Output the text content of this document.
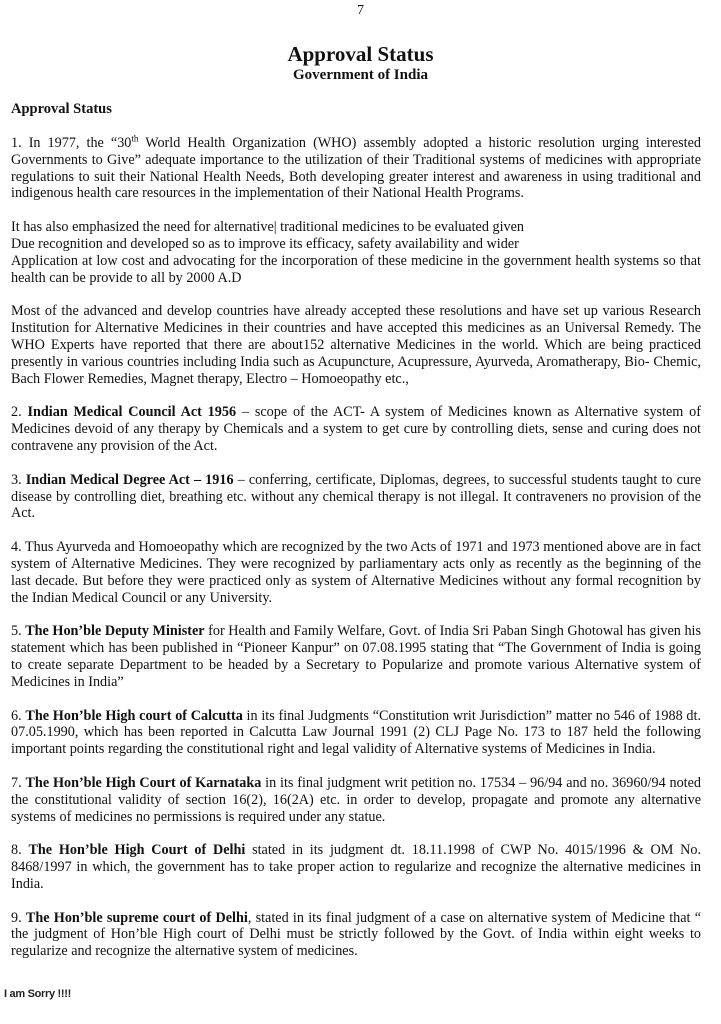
7
Approval Status
Government of India
Approval Status

1. In 1977, the “30th World Health Organization (WHO) assembly adopted a historic resolution urging interested Governments to Give” adequate importance to the utilization of their Traditional systems of medicines with appropriate regulations to suit their National Health Needs, Both developing greater interest and awareness in using traditional and indigenous health care resources in the implementation of their National Health Programs.

It has also emphasized the need for alternative| traditional medicines to be evaluated given

Due recognition and developed so as to improve its efficacy, safety availability and wider

Application at low cost and advocating for the incorporation of these medicine in the government health systems so that health can be provide to all by 2000 A.D

Most of the advanced and develop countries have already accepted these resolutions and have set up various Research Institution for Alternative Medicines in their countries and have accepted this medicines as an Universal Remedy. The WHO Experts have reported that there are about152 alternative Medicines in the world. Which are being practiced presently in various countries including India such as Acupuncture, Acupressure, Ayurveda, Aromatherapy, Bio- Chemic, Bach Flower Remedies, Magnet therapy, Electro – Homoeopathy etc.,

2. Indian Medical Council Act 1956 – scope of the ACT- A system of Medicines known as Alternative system of Medicines devoid of any therapy by Chemicals and a system to get cure by controlling diets, sense and curing does not contravene any provision of the Act.

3. Indian Medical Degree Act – 1916 – conferring, certificate, Diplomas, degrees, to successful students taught to cure disease by controlling diet, breathing etc. without any chemical therapy is not illegal. It contraveners no provision of the Act.

4. Thus Ayurveda and Homoeopathy which are recognized by the two Acts of 1971 and 1973 mentioned above are in fact system of Alternative Medicines. They were recognized by parliamentary acts only as recently as the beginning of the last decade. But before they were practiced only as system of Alternative Medicines without any formal recognition by the Indian Medical Council or any University.

5. The Hon’ble Deputy Minister for Health and Family Welfare, Govt. of India Sri Paban Singh Ghotowal has given his statement which has been published in “Pioneer Kanpur” on 07.08.1995 stating that “The Government of India is going to create separate Department to be headed by a Secretary to Popularize and promote various Alternative system of Medicines in India”

6. The Hon’ble High court of Calcutta in its final Judgments “Constitution writ Jurisdiction” matter no 546 of 1988 dt. 07.05.1990, which has been reported in Calcutta Law Journal 1991 (2) CLJ Page No. 173 to 187 held the following important points regarding the constitutional right and legal validity of Alternative systems of Medicines in India.

7. The Hon’ble High Court of Karnataka in its final judgment writ petition no. 17534 – 96/94 and no. 36960/94 noted the constitutional validity of section 16(2), 16(2A) etc. in order to develop, propagate and promote any alternative systems of medicines no permissions is required under any statue.

8. The Hon’ble High Court of Delhi stated in its judgment dt. 18.11.1998 of CWP No. 4015/1996 & OM No. 8468/1997 in which, the government has to take proper action to regularize and recognize the alternative medicines in India.

9. The Hon’ble supreme court of Delhi, stated in its final judgment of a case on alternative system of Medicine that “ the judgment of Hon’ble High court of Delhi must be strictly followed by the Govt. of India within eight weeks to regularize and recognize the alternative system of medicines.

I am Sorry !!!!
